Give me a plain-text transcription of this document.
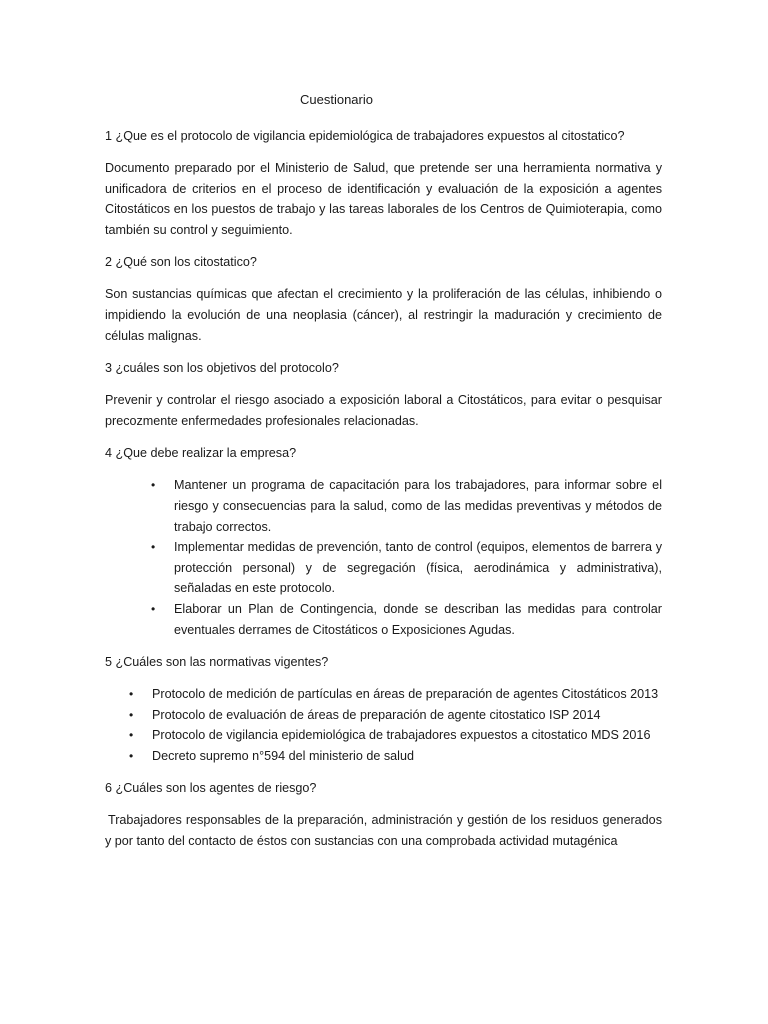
Cuestionario

1 ¿Que es el protocolo de vigilancia epidemiológica de trabajadores expuestos al citostatico?

Documento preparado por el Ministerio de Salud, que pretende ser una herramienta normativa y unificadora de criterios en el proceso de identificación y evaluación de la exposición a agentes Citostáticos en los puestos de trabajo y las tareas laborales de los Centros de Quimioterapia, como también su control y seguimiento.

2 ¿Qué son los citostatico?

Son sustancias químicas que afectan el crecimiento y la proliferación de las células, inhibiendo o impidiendo la evolución de una neoplasia (cáncer), al restringir la maduración y crecimiento de células malignas.

3 ¿cuáles son los objetivos del protocolo?

Prevenir y controlar el riesgo asociado a exposición laboral a Citostáticos, para evitar o pesquisar precozmente enfermedades profesionales relacionadas.

4 ¿Que debe realizar la empresa?

• Mantener un programa de capacitación para los trabajadores, para informar sobre el riesgo y consecuencias para la salud, como de las medidas preventivas y métodos de trabajo correctos.
• Implementar medidas de prevención, tanto de control (equipos, elementos de barrera y protección personal) y de segregación (física, aerodinámica y administrativa), señaladas en este protocolo.
• Elaborar un Plan de Contingencia, donde se describan las medidas para controlar eventuales derrames de Citostáticos o Exposiciones Agudas.

5 ¿Cuáles son las normativas vigentes?

• Protocolo de medición de partículas en áreas de preparación de agentes Citostáticos 2013
• Protocolo de evaluación de áreas de preparación de agente citostatico ISP 2014
• Protocolo de vigilancia epidemiológica de trabajadores expuestos a citostatico MDS 2016
• Decreto supremo n°594 del ministerio de salud

6 ¿Cuáles son los agentes de riesgo?

Trabajadores responsables de la preparación, administración y gestión de los residuos generados y por tanto del contacto de éstos con sustancias con una comprobada actividad mutagénica
